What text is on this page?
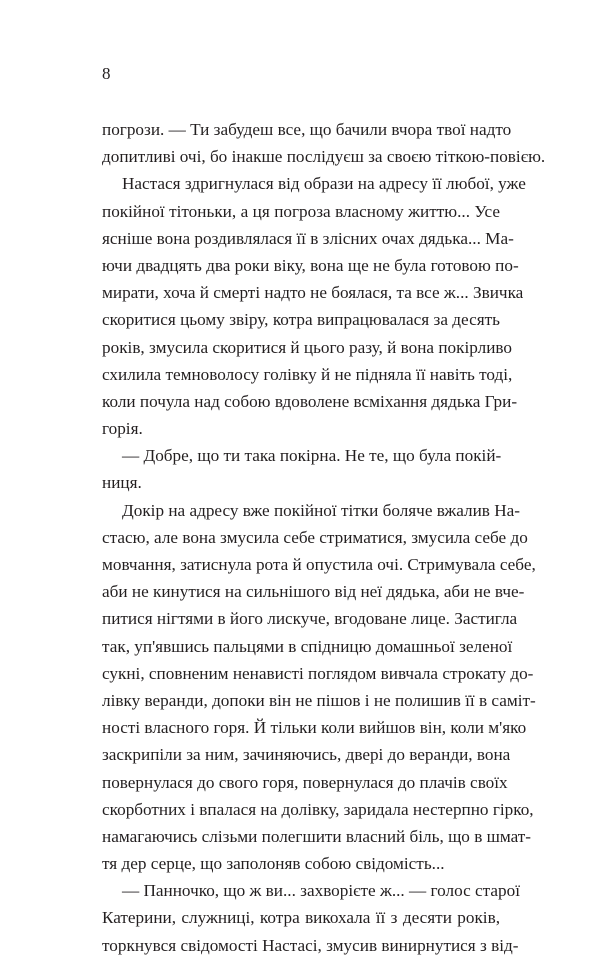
8
погрози. — Ти забудеш все, що бачили вчора твої надто
допитливі очі, бо інакше послідуєш за своєю тіткою-повією.
Настася здригнулася від образи на адресу її любої, уже
покійної тітоньки, а ця погроза власному життю... Усе
ясніше вона роздивлялася її в злісних очах дядька... Ма-
ючи двадцять два роки віку, вона ще не була готовою по-
мирати, хоча й смерті надто не боялася, та все ж... Звичка
скоритися цьому звіру, котра випрацювалася за десять
років, змусила скоритися й цього разу, й вона покірливо
схилила темноволосу голівку й не підняла її навіть тоді,
коли почула над собою вдоволене всміхання дядька Гри-
горія.
— Добре, що ти така покірна. Не те, що була покій-
ниця.
Докір на адресу вже покійної тітки боляче вжалив На-
стасю, але вона змусила себе стриматися, змусила себе до
мовчання, затиснула рота й опустила очі. Стримувала себе,
аби не кинутися на сильнішого від неї дядька, аби не вче-
питися нігтями в його лискуче, вгодоване лице. Застигла
так, уп'явшись пальцями в спідницю домашньої зеленої
сукні, сповненим ненависті поглядом вивчала строкату до-
лівку веранди, допоки він не пішов і не полишив її в саміт-
ності власного горя. Й тільки коли вийшов він, коли м'яко
заскрипіли за ним, зачиняючись, двері до веранди, вона
повернулася до свого горя, повернулася до плачів своїх
скорботних і впалася на долівку, заридала нестерпно гірко,
намагаючись слізьми полегшити власний біль, що в шмат-
тя дер серце, що заполоняв собою свідомість...
— Панночко, що ж ви... захворієте ж... — голос старої
Катерини, служниці, котра викохала її з десяти років,
торкнувся свідомості Настасі, змусив винирнутися з від-
